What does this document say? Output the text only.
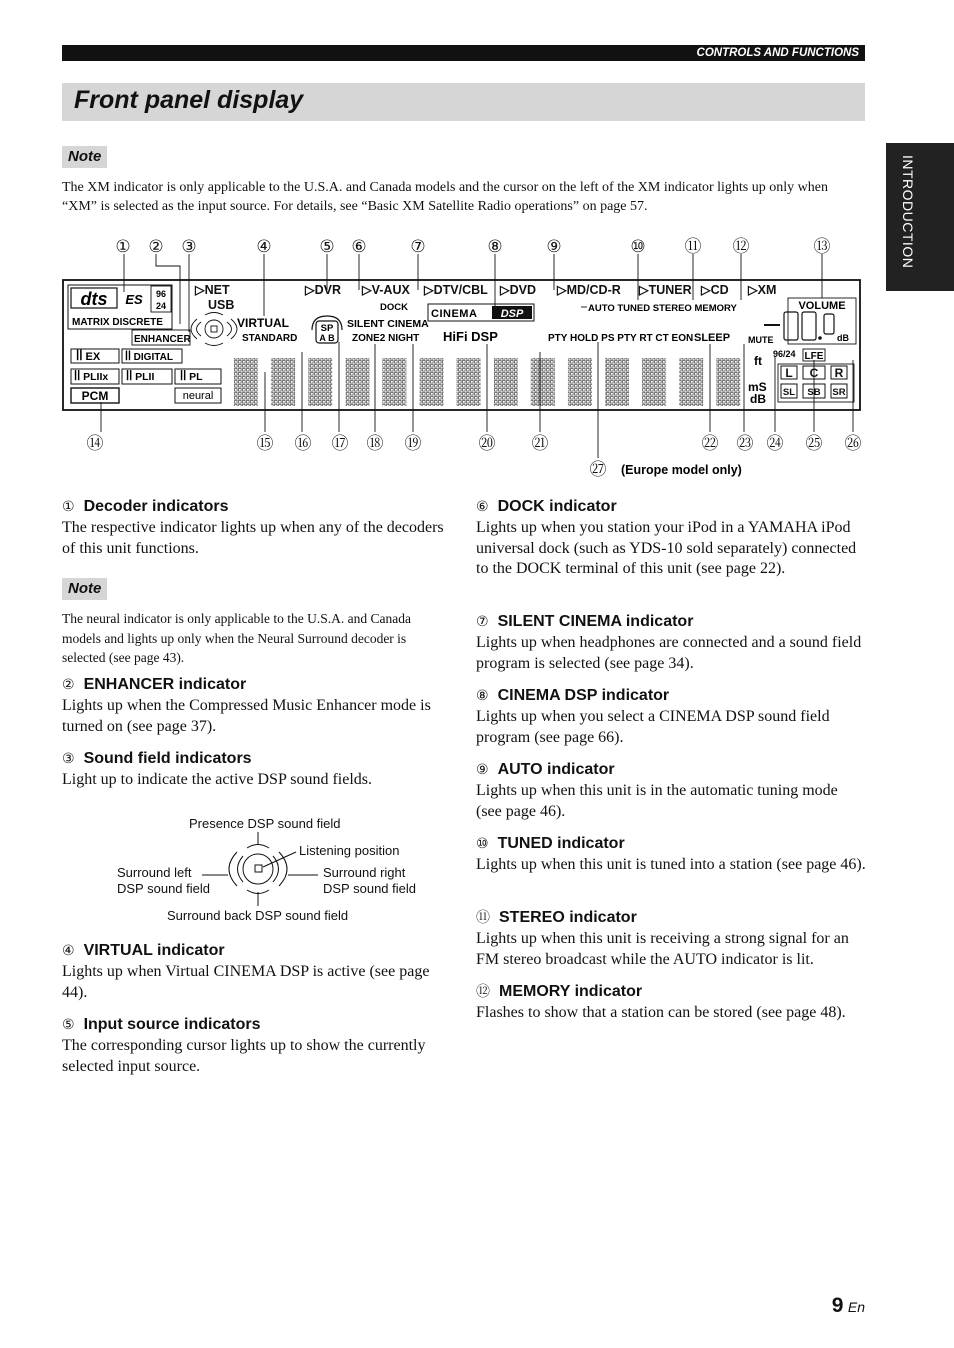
CONTROLS AND FUNCTIONS
Front panel display
INTRODUCTION
Note
The XM indicator is only applicable to the U.S.A. and Canada models and the cursor on the left of the XM indicator lights up only when “XM” is selected as the input source. For details, see “Basic XM Satellite Radio operations” on page 57.
① ② ③	④	⑤ ⑥	⑦	⑧	⑨	⑩ ⑪ ⑫	⑬
⑭	⑮ ⑯ ⑰ ⑱ ⑲	⑳ ㉑	㉒ ㉓ ㉔ ㉕ ㉖
㉗ (Europe model only)
dts ES 96
24
MATRIX DISCRETE
ENHANCER
ꟾꟾ EX ꟾꟾ DIGITAL
ꟾꟾ PLIIx ꟾꟾ PLII ꟾꟾ PL
PCM	neural
▷NET
USB
▷DVR ▷V-AUX ▷DTV/CBL ▷DVD ▷MD/CD-R ▷TUNER ▷CD ▷XM
DOCK
VIRTUAL
STANDARD
SP
A B
SILENT CINEMA
ZONE2 NIGHT
CINEMA DSP
HiFi DSP
AUTO TUNED STEREO MEMORY
PTY HOLD PS PTY RT CT EON SLEEP MUTE
VOLUME
dB
ft
mS
dB
96/24 LFE
L C R
SL SB SR
① Decoder indicators
The respective indicator lights up when any of the decoders of this unit functions.
Note
The neural indicator is only applicable to the U.S.A. and Canada models and lights up only when the Neural Surround decoder is selected (see page 43).
② ENHANCER indicator
Lights up when the Compressed Music Enhancer mode is turned on (see page 37).
③ Sound field indicators
Light up to indicate the active DSP sound fields.
Presence DSP sound field
Listening position
Surround left DSP sound field
Surround right DSP sound field
Surround back DSP sound field
④ VIRTUAL indicator
Lights up when Virtual CINEMA DSP is active (see page 44).
⑤ Input source indicators
The corresponding cursor lights up to show the currently selected input source.
⑥ DOCK indicator
Lights up when you station your iPod in a YAMAHA iPod universal dock (such as YDS-10 sold separately) connected to the DOCK terminal of this unit (see page 22).
⑦ SILENT CINEMA indicator
Lights up when headphones are connected and a sound field program is selected (see page 34).
⑧ CINEMA DSP indicator
Lights up when you select a CINEMA DSP sound field program (see page 66).
⑨ AUTO indicator
Lights up when this unit is in the automatic tuning mode (see page 46).
⑩ TUNED indicator
Lights up when this unit is tuned into a station (see page 46).
⑪ STEREO indicator
Lights up when this unit is receiving a strong signal for an FM stereo broadcast while the AUTO indicator is lit.
⑫ MEMORY indicator
Flashes to show that a station can be stored (see page 48).
9 En
